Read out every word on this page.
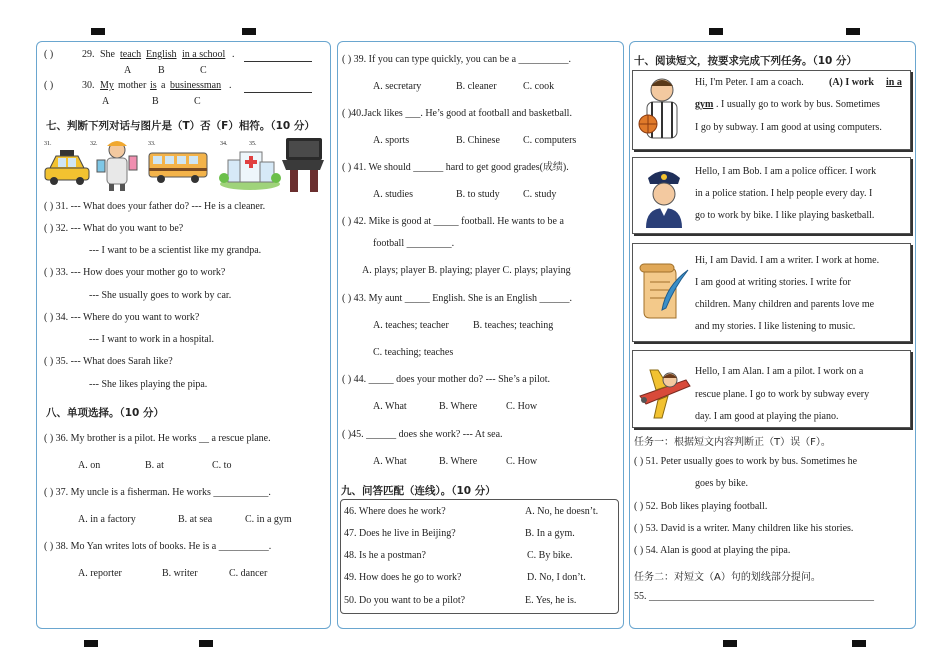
( )	29. She teach English in a school .
A	B	C
( )	30. My mother is a businessman .
A	B	C
七、判断下列对话与图片是（T）否（F）相符。（10 分）
31.	32.	33.	34.	35.
( ) 31. --- What does your father do? --- He is a cleaner.
( ) 32. --- What do you want to be?
--- I want to be a scientist like my grandpa.
( ) 33. --- How does your mother go to work?
--- She usually goes to work by car.
( ) 34. --- Where do you want to work?
--- I want to work in a hospital.
( ) 35. --- What does Sarah like?
--- She likes playing the pipa.
八、单项选择。（10 分）
( ) 36. My brother is a pilot. He works __ a rescue plane.
A. on	B. at	C. to
( ) 37. My uncle is a fisherman. He works ___________.
A. in a factory	B. at sea	C. in a gym
( ) 38. Mo Yan writes lots of books. He is a __________.
A. reporter	B. writer	C. dancer
( ) 39. If you can type quickly, you can be a __________.
A. secretary	B. cleaner	C. cook
( )40.Jack likes ___. He’s good at football and basketball.
A. sports	B. Chinese C. computers
( ) 41. We should ______ hard to get good grades(成绩).
A. studies	B. to study C. study
( ) 42. Mike is good at _____ football. He wants to be a
football _________.
A. plays; player B. playing; player C. plays; playing
( ) 43. My aunt _____ English. She is an English ______.
A. teaches; teacher B. teaches; teaching
C. teaching; teaches
( ) 44. _____ does your mother do? --- She’s a pilot.
A. What	B. Where	C. How
( )45. ______ does she work? --- At sea.
A. What	B. Where	C. How
九、问答匹配（连线）。（10 分）
46. Where does he work?
47. Does he live in Beijing?
48. Is he a postman?
49. How does he go to work?
50. Do you want to be a pilot?
A. No, he doesn’t.
B. In a gym.
C. By bike.
D. No, I don’t.
E. Yes, he is.
十、阅读短文，按要求完成下列任务。（10 分）
Hi, I'm Peter. I am a coach.	(A) I work in a
gym . I usually go to work by bus. Sometimes
I go by subway. I am good at using computers.
Hello, I am Bob. I am a police officer. I work
in a police station. I help people every day. I
go to work by bike. I like playing basketball.
Hi, I am David. I am a writer. I work at home.
I am good at writing stories. I write for
children. Many children and parents love me
and my stories. I like listening to music.
Hello, I am Alan. I am a pilot. I work on a
rescue plane. I go to work by subway every
day. I am good at playing the piano.
任务一：根据短文内容判断正（T）误（F）。
( ) 51. Peter usually goes to work by bus. Sometimes he
goes by bike.
( ) 52. Bob likes playing football.
( ) 53. David is a writer. Many children like his stories.
( ) 54. Alan is good at playing the pipa.
任务二：对短文（A）句的划线部分提问。
55. _____________________________________________
